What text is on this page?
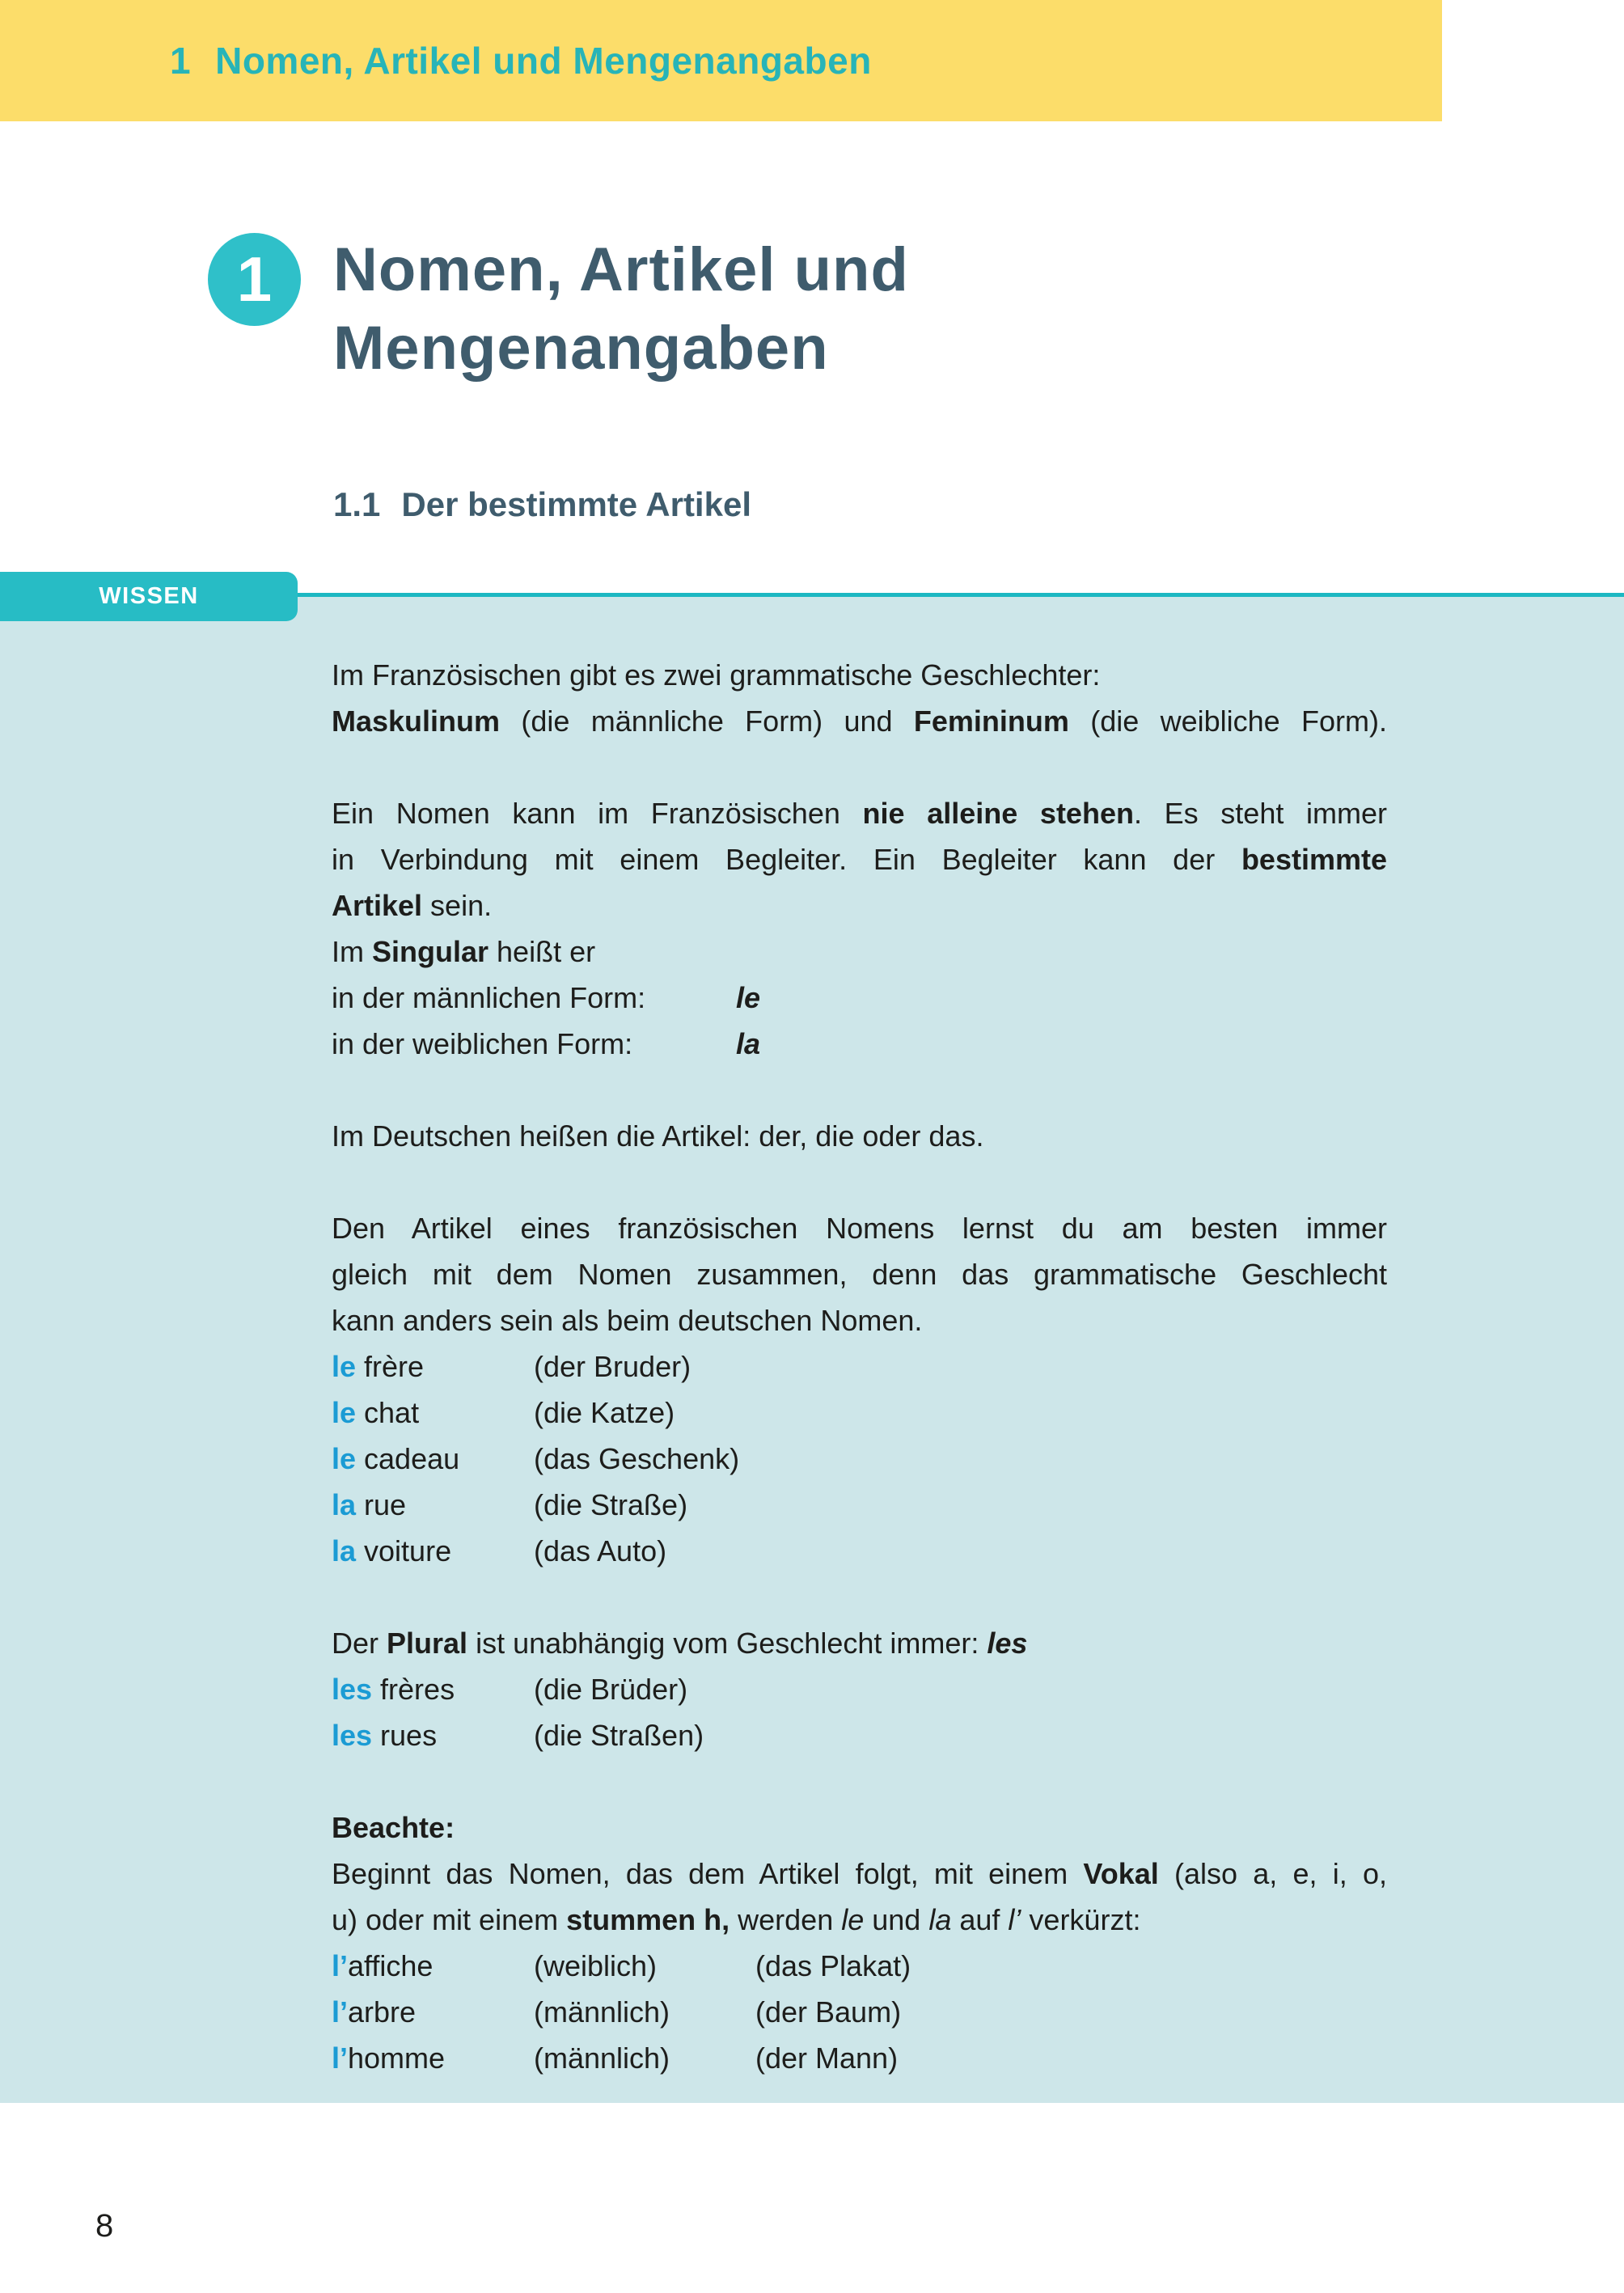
1 Nomen, Artikel und Mengenangaben
1 Nomen, Artikel und
Mengenangaben
1.1 Der bestimmte Artikel
WISSEN
Im Französischen gibt es zwei grammatische Geschlechter:
Maskulinum (die männliche Form) und Femininum (die weibliche Form).
Ein Nomen kann im Französischen nie alleine stehen. Es steht immer
in Verbindung mit einem Begleiter. Ein Begleiter kann der bestimmte
Artikel sein.
Im Singular heißt er
in der männlichen Form:	le
in der weiblichen Form:	la
Im Deutschen heißen die Artikel: der, die oder das.
Den Artikel eines französischen Nomens lernst du am besten immer
gleich mit dem Nomen zusammen, denn das grammatische Geschlecht
kann anders sein als beim deutschen Nomen.
le frère	(der Bruder)
le chat	(die Katze)
le cadeau	(das Geschenk)
la rue	(die Straße)
la voiture	(das Auto)
Der Plural ist unabhängig vom Geschlecht immer: les
les frères	(die Brüder)
les rues	(die Straßen)
Beachte:
Beginnt das Nomen, das dem Artikel folgt, mit einem Vokal (also a, e, i, o,
u) oder mit einem stummen h, werden le und la auf l’ verkürzt:
l’affiche	(weiblich)	(das Plakat)
l’arbre	(männlich)	(der Baum)
l’homme	(männlich)	(der Mann)
8
